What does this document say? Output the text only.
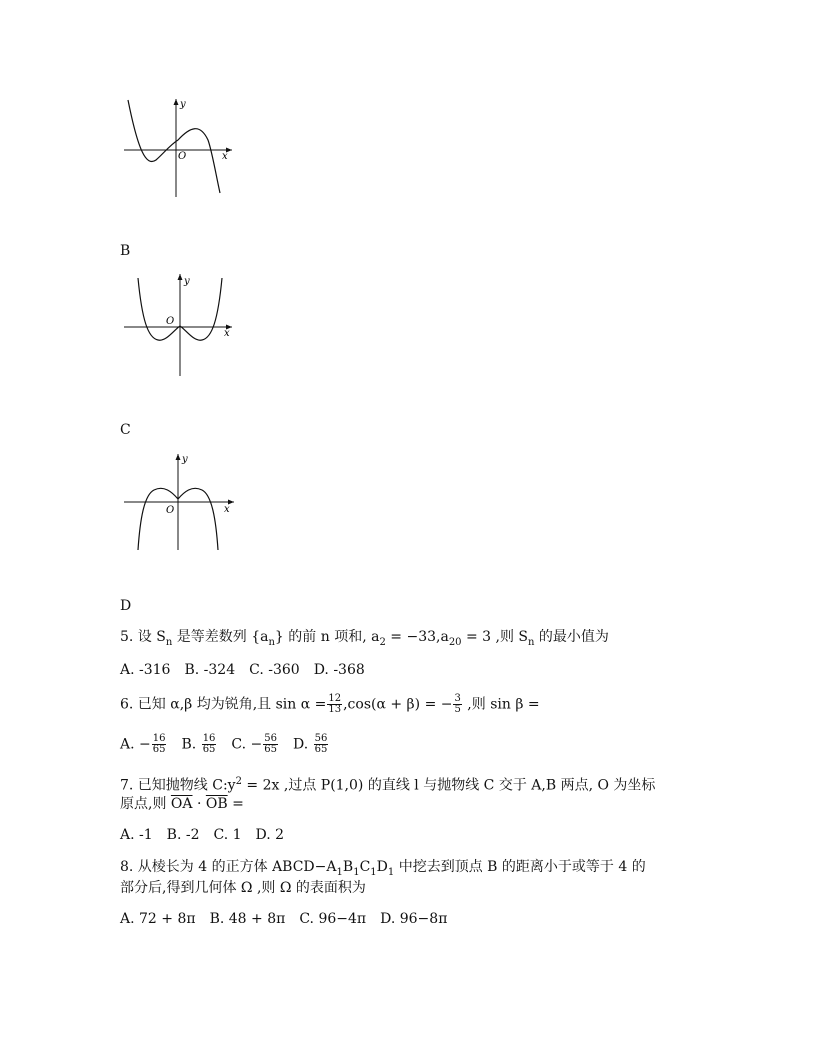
y
x
O
B
y
x
O
C
y
x
O
D
5. 设 $S_n$ 是等差数列 $\{a_n\}$ 的前 n 项和, $a_2 = -33,a_{20} = 3$ ,则 $S_n$ 的最小值为
A. -316 B. -324 C. -360 D. -368
6. 已知 α,β 均为锐角,且 $\sin \alpha = \frac{12}{13} ,\cos(\alpha + \beta)$ = − $\frac{3}{5}$ ,则 sin β =
A. − $\frac{16}{65} B$. $\frac{16}{65} C$. − $\frac{56}{65} D$. $\frac{56}{65}$
7. 已知抛物线 $C:y^2 = 2x$ ,过点 P(1,0) 的直线 l 与抛物线 C 交于 A,B 两点, O 为坐标
原点,则 $\overline{OA} \cdot \overline{OB}$ =
A. -1 B. -2 C. 1 D. 2
8. 从棱长为 4 的正方体 $ABCD-A_1B_1C_1D_1$ 中挖去到顶点 B 的距离小于或等于 4 的
部分后,得到几何体 Ω ,则 Ω 的表面积为
A. 72 + 8π B. 48 + 8π C. 96−4π D. 96−8π
